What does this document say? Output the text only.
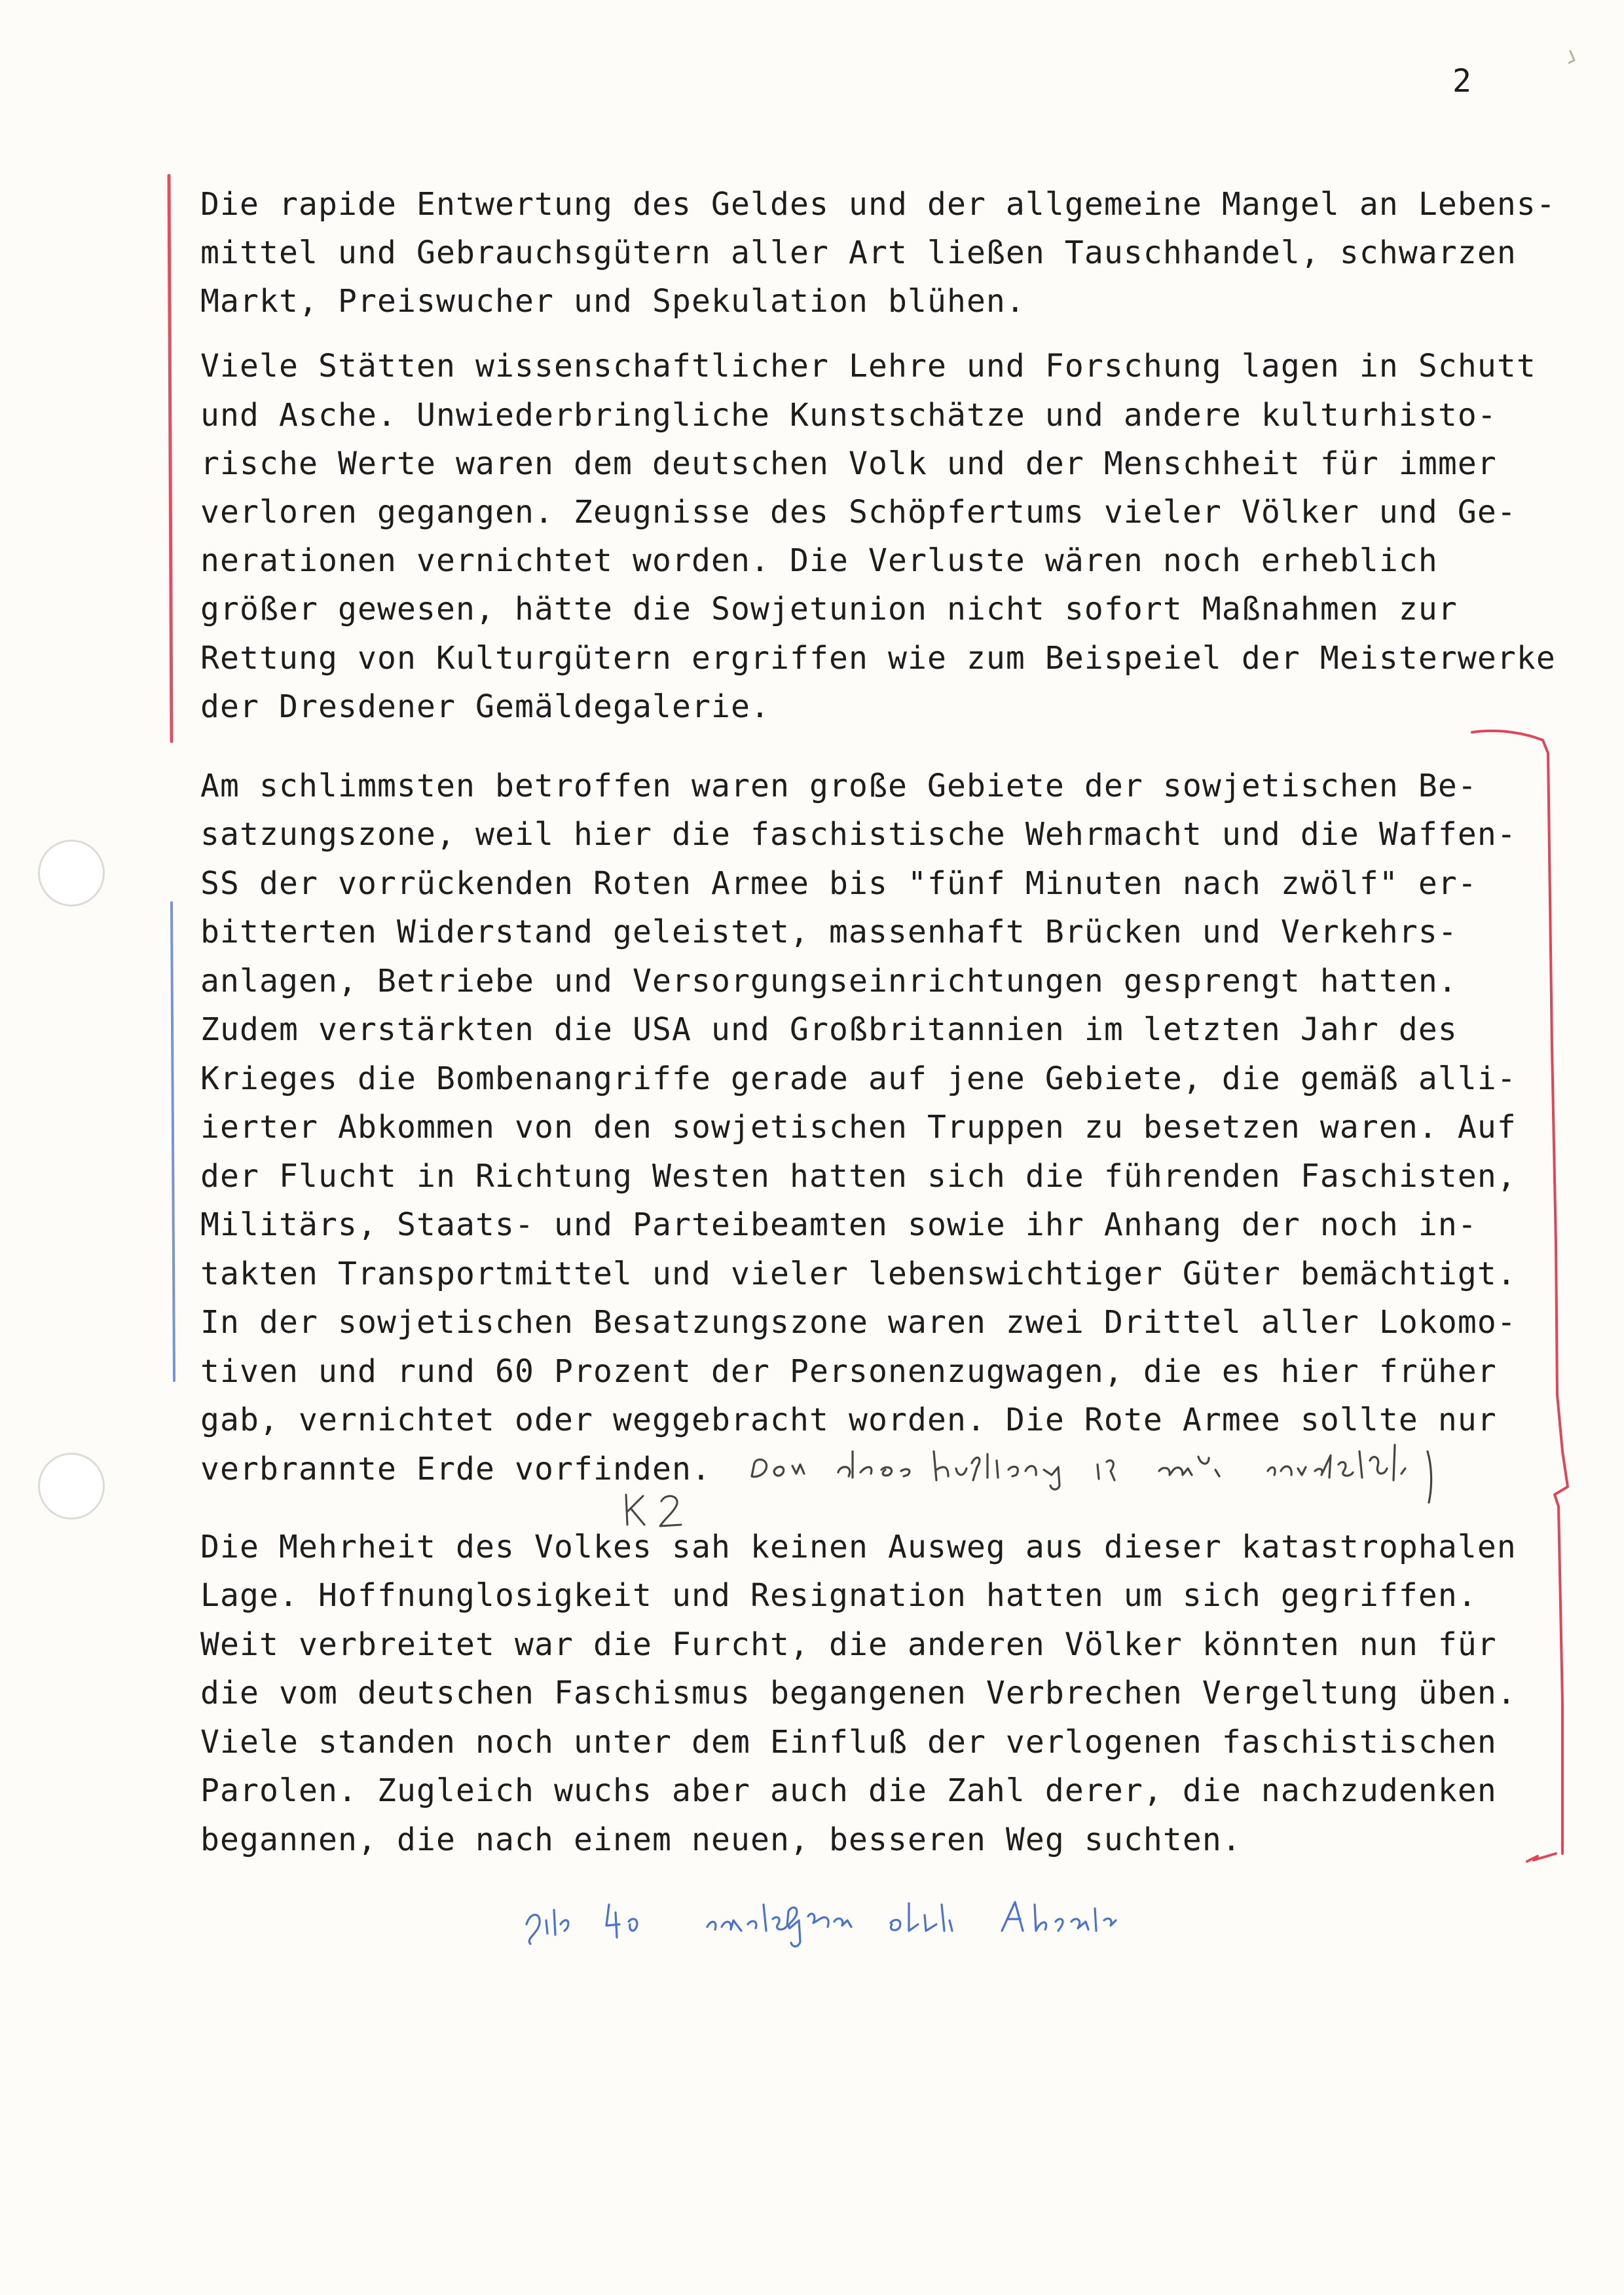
2

Die rapide Entwertung des Geldes und der allgemeine Mangel an Lebens-

mittel und Gebrauchsgütern aller Art ließen Tauschhandel, schwarzen

Markt, Preiswucher und Spekulation blühen.

Viele Stätten wissenschaftlicher Lehre und Forschung lagen in Schutt

und Asche. Unwiederbringliche Kunstschätze und andere kulturhisto-

rische Werte waren dem deutschen Volk und der Menschheit für immer

verloren gegangen. Zeugnisse des Schöpfertums vieler Völker und Ge-

nerationen vernichtet worden. Die Verluste wären noch erheblich

größer gewesen, hätte die Sowjetunion nicht sofort Maßnahmen zur

Rettung von Kulturgütern ergriffen wie zum Beispeiel der Meisterwerke

der Dresdener Gemäldegalerie.

Am schlimmsten betroffen waren große Gebiete der sowjetischen Be-

satzungszone, weil hier die faschistische Wehrmacht und die Waffen-

SS der vorrückenden Roten Armee bis "fünf Minuten nach zwölf" er-

bitterten Widerstand geleistet, massenhaft Brücken und Verkehrs-

anlagen, Betriebe und Versorgungseinrichtungen gesprengt hatten.

Zudem verstärkten die USA und Großbritannien im letzten Jahr des

Krieges die Bombenangriffe gerade auf jene Gebiete, die gemäß alli-

ierter Abkommen von den sowjetischen Truppen zu besetzen waren. Auf

der Flucht in Richtung Westen hatten sich die führenden Faschisten,

Militärs, Staats- und Parteibeamten sowie ihr Anhang der noch in-

takten Transportmittel und vieler lebenswichtiger Güter bemächtigt.

In der sowjetischen Besatzungszone waren zwei Drittel aller Lokomo-

tiven und rund 60 Prozent der Personenzugwagen, die es hier früher

gab, vernichtet oder weggebracht worden. Die Rote Armee sollte nur

verbrannte Erde vorfinden.

Die Mehrheit des Volkes sah keinen Ausweg aus dieser katastrophalen

Lage. Hoffnunglosigkeit und Resignation hatten um sich gegriffen.

Weit verbreitet war die Furcht, die anderen Völker könnten nun für

die vom deutschen Faschismus begangenen Verbrechen Vergeltung üben.

Viele standen noch unter dem Einfluß der verlogenen faschistischen

Parolen. Zugleich wuchs aber auch die Zahl derer, die nachzudenken

begannen, die nach einem neuen, besseren Weg suchten.
